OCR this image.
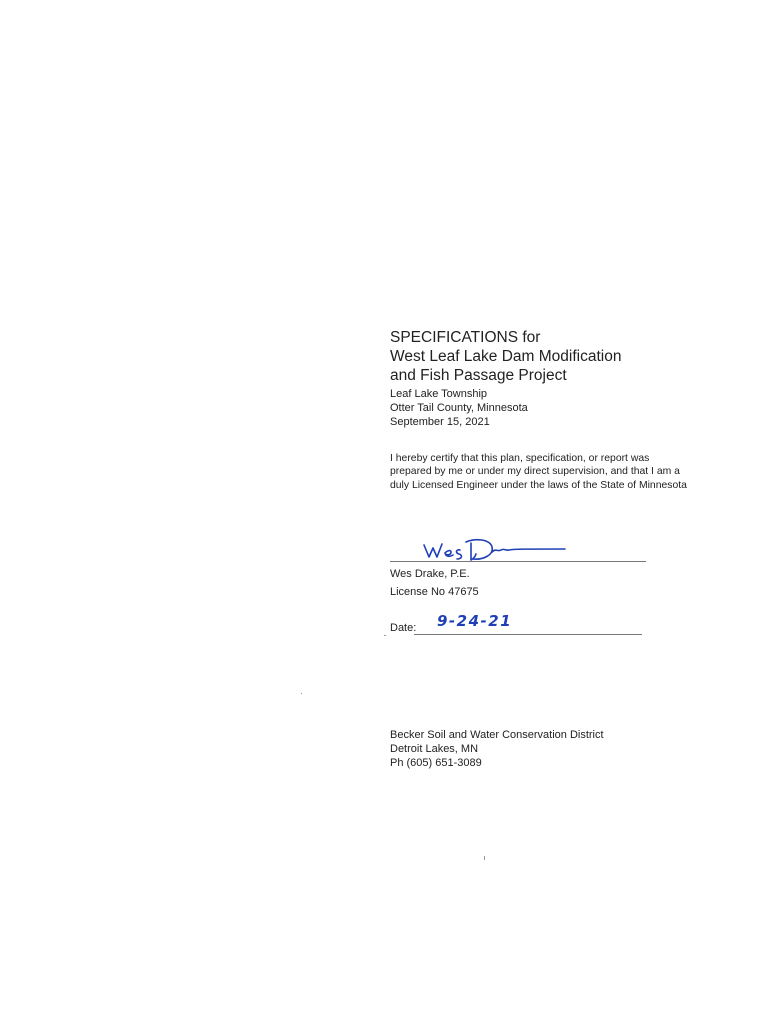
SPECIFICATIONS for
West Leaf Lake Dam Modification
and Fish Passage Project
Leaf Lake Township
Otter Tail County, Minnesota
September 15, 2021
I hereby certify that this plan, specification, or report was prepared by me or under my direct supervision, and that I am a duly Licensed Engineer under the laws of the State of Minnesota
Wes Drake, P.E.
License No 47675
Date: 9-24-21
Becker Soil and Water Conservation District
Detroit Lakes, MN
Ph (605) 651-3089
